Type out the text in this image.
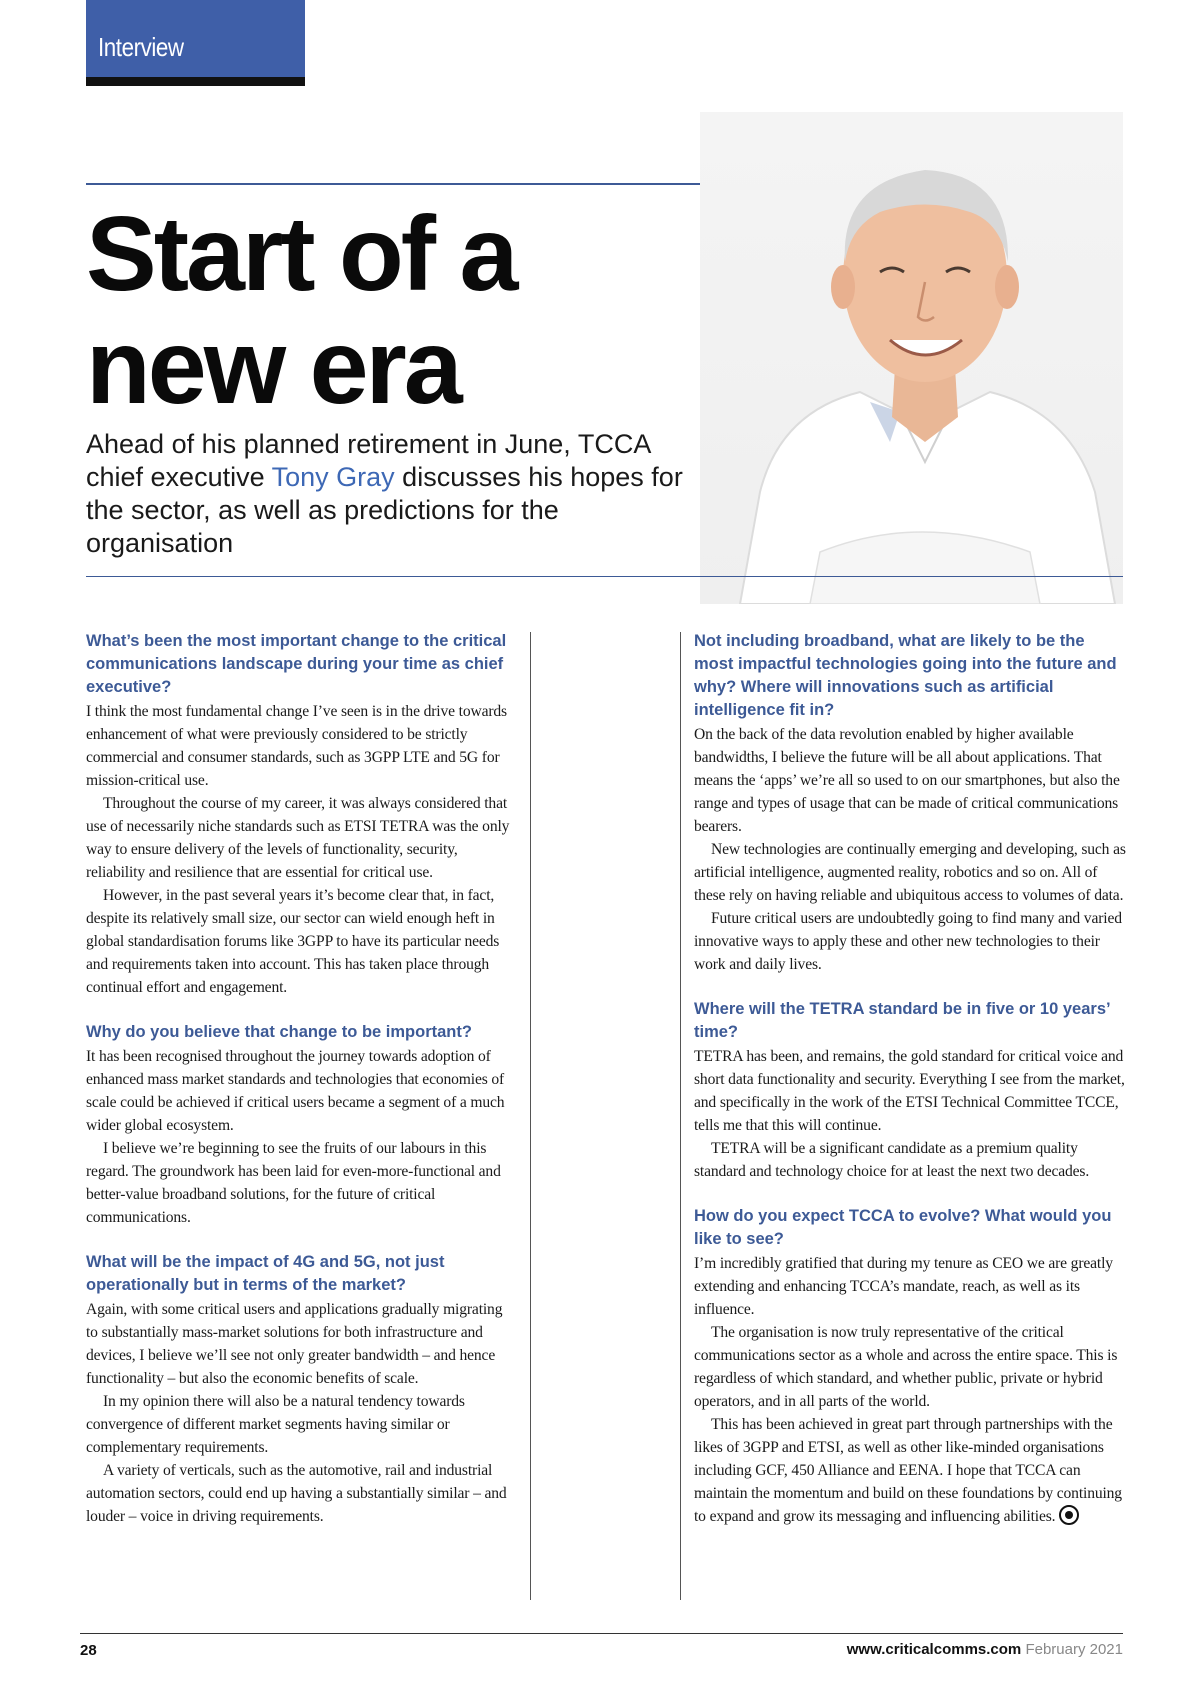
Interview
Start of a
new era

Ahead of his planned retirement in June, TCCA chief executive Tony Gray discusses his hopes for the sector, as well as predictions for the organisation

What’s been the most important change to the critical communications landscape during your time as chief executive?

I think the most fundamental change I’ve seen is in the drive towards enhancement of what were previously considered to be strictly commercial and consumer standards, such as 3GPP LTE and 5G for mission-critical use.

Throughout the course of my career, it was always considered that use of necessarily niche standards such as ETSI TETRA was the only way to ensure delivery of the levels of functionality, security, reliability and resilience that are essential for critical use.

However, in the past several years it’s become clear that, in fact, despite its relatively small size, our sector can wield enough heft in global standardisation forums like 3GPP to have its particular needs and requirements taken into account. This has taken place through continual effort and engagement.

Why do you believe that change to be important?

It has been recognised throughout the journey towards adoption of enhanced mass market standards and technologies that economies of scale could be achieved if critical users became a segment of a much wider global ecosystem.

I believe we’re beginning to see the fruits of our labours in this regard. The groundwork has been laid for even-more-functional and better-value broadband solutions, for the future of critical communications.

What will be the impact of 4G and 5G, not just operationally but in terms of the market?

Again, with some critical users and applications gradually migrating to substantially mass-market solutions for both infrastructure and devices, I believe we’ll see not only greater bandwidth – and hence functionality – but also the economic benefits of scale.

In my opinion there will also be a natural tendency towards convergence of different market segments having similar or complementary requirements.

A variety of verticals, such as the automotive, rail and industrial automation sectors, could end up having a substantially similar – and louder – voice in driving requirements.

Not including broadband, what are likely to be the most impactful technologies going into the future and why? Where will innovations such as artificial intelligence fit in?

On the back of the data revolution enabled by higher available bandwidths, I believe the future will be all about applications. That means the ‘apps’ we’re all so used to on our smartphones, but also the range and types of usage that can be made of critical communications bearers.

New technologies are continually emerging and developing, such as artificial intelligence, augmented reality, robotics and so on. All of these rely on having reliable and ubiquitous access to volumes of data.

Future critical users are undoubtedly going to find many and varied innovative ways to apply these and other new technologies to their work and daily lives.

Where will the TETRA standard be in five or 10 years’ time?

TETRA has been, and remains, the gold standard for critical voice and short data functionality and security. Everything I see from the market, and specifically in the work of the ETSI Technical Committee TCCE, tells me that this will continue.

TETRA will be a significant candidate as a premium quality standard and technology choice for at least the next two decades.

How do you expect TCCA to evolve? What would you like to see?

I’m incredibly gratified that during my tenure as CEO we are greatly extending and enhancing TCCA’s mandate, reach, as well as its influence.

The organisation is now truly representative of the critical communications sector as a whole and across the entire space. This is regardless of which standard, and whether public, private or hybrid operators, and in all parts of the world.

This has been achieved in great part through partnerships with the likes of 3GPP and ETSI, as well as other like-minded organisations including GCF, 450 Alliance and EENA. I hope that TCCA can maintain the momentum and build on these foundations by continuing to expand and grow its messaging and influencing abilities.

28	www.criticalcomms.com February 2021
